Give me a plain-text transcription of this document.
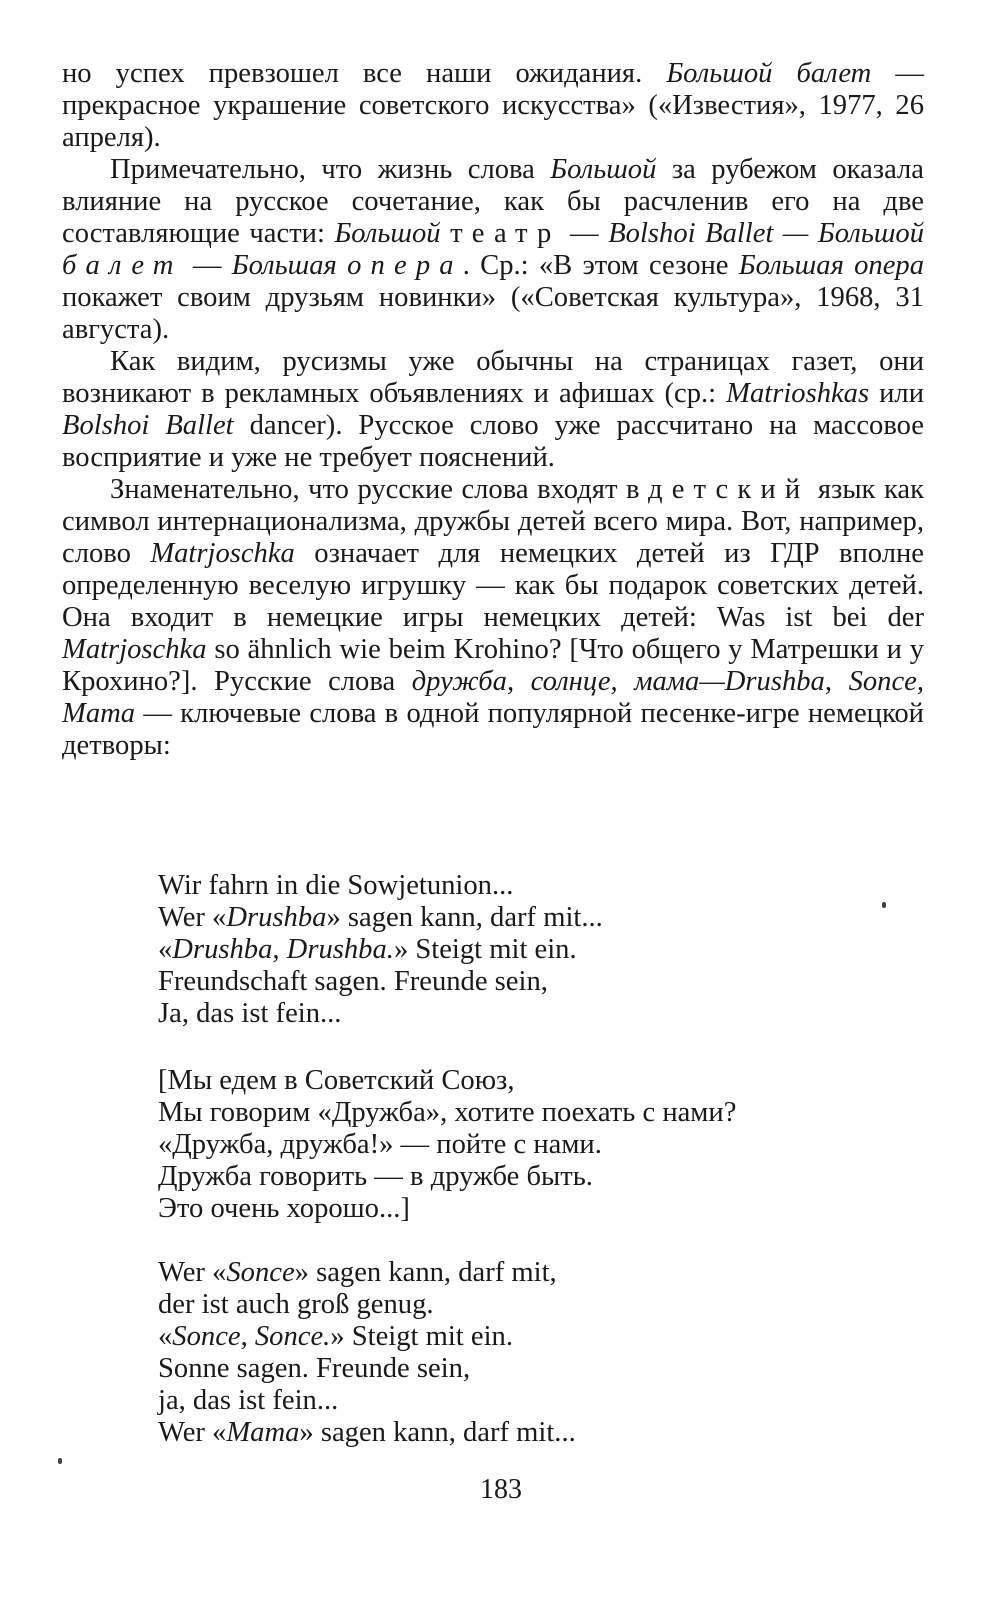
но успех превзошел все наши ожидания. Большой балет — прекрасное украшение советского искусства» («Известия», 1977, 26 апреля).

Примечательно, что жизнь слова Большой за рубежом оказала влияние на русское сочетание, как бы расчленив его на две составляющие части: Большой театр — Bolshoi Ballet — Большой балет — Большая опера. Ср.: «В этом сезоне Большая опера покажет своим друзьям новинки» («Советская культура», 1968, 31 августа).

Как видим, русизмы уже обычны на страницах газет, они возникают в рекламных объявлениях и афишах (ср.: Matrioshkas или Bolshoi Ballet dancer). Русское слово уже рассчитано на массовое восприятие и уже не требует пояснений.

Знаменательно, что русские слова входят в детский язык как символ интернационализма, дружбы детей всего мира. Вот, например, слово Matrjoschka означает для немецких детей из ГДР вполне определенную веселую игрушку — как бы подарок советских детей. Она входит в немецкие игры немецких детей: Was ist bei der Matrjoschka so ähnlich wie beim Krohino? [Что общего у Матрешки и у Крохино?]. Русские слова дружба, солнце, мама—Drushba, Sonce, Mama — ключевые слова в одной популярной песенке-игре немецкой детворы:

Wir fahrn in die Sowjetunion...
Wer «Drushba» sagen kann, darf mit...
«Drushba, Drushba.» Steigt mit ein.
Freundschaft sagen. Freunde sein,
Ja, das ist fein...
[Мы едем в Советский Союз,
Мы говорим «Дружба», хотите поехать с нами?
«Дружба, дружба!» — пойте с нами.
Дружба говорить — в дружбе быть.
Это очень хорошо...]
Wer «Sonce» sagen kann, darf mit,
der ist auch groß genug.
«Sonce, Sonce.» Steigt mit ein.
Sonne sagen. Freunde sein,
ja, das ist fein...
Wer «Mama» sagen kann, darf mit...
183
